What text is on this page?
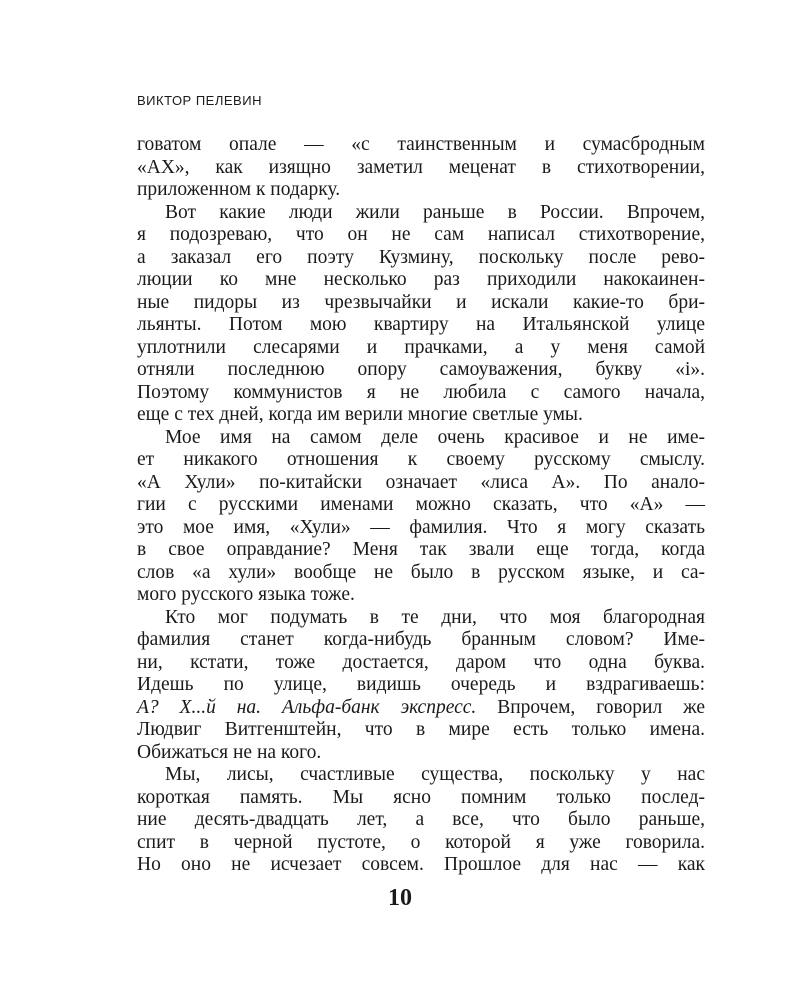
ВИКТОР ПЕЛЕВИН
говатом опале — «с таинственным и сумасбродным
«АХ», как изящно заметил меценат в стихотворении,
приложенном к подарку.
Вот какие люди жили раньше в России. Впрочем,
я подозреваю, что он не сам написал стихотворение,
а заказал его поэту Кузмину, поскольку после рево-
люции ко мне несколько раз приходили накокаинен-
ные пидоры из чрезвычайки и искали какие-то бри-
льянты. Потом мою квартиру на Итальянской улице
уплотнили слесарями и прачками, а у меня самой
отняли последнюю опору самоуважения, букву «i».
Поэтому коммунистов я не любила с самого начала,
еще с тех дней, когда им верили многие светлые умы.
Мое имя на самом деле очень красивое и не име-
ет никакого отношения к своему русскому смыслу.
«А Хули» по-китайски означает «лиса А». По анало-
гии с русскими именами можно сказать, что «А» —
это мое имя, «Хули» — фамилия. Что я могу сказать
в свое оправдание? Меня так звали еще тогда, когда
слов «а хули» вообще не было в русском языке, и са-
мого русского языка тоже.
Кто мог подумать в те дни, что моя благородная
фамилия станет когда-нибудь бранным словом? Име-
ни, кстати, тоже достается, даром что одна буква.
Идешь по улице, видишь очередь и вздрагиваешь:
А? Х...й на. Альфа-банк экспресс. Впрочем, говорил же
Людвиг Витгенштейн, что в мире есть только имена.
Обижаться не на кого.
Мы, лисы, счастливые существа, поскольку у нас
короткая память. Мы ясно помним только послед-
ние десять-двадцать лет, а все, что было раньше,
спит в черной пустоте, о которой я уже говорила.
Но оно не исчезает совсем. Прошлое для нас — как
10
